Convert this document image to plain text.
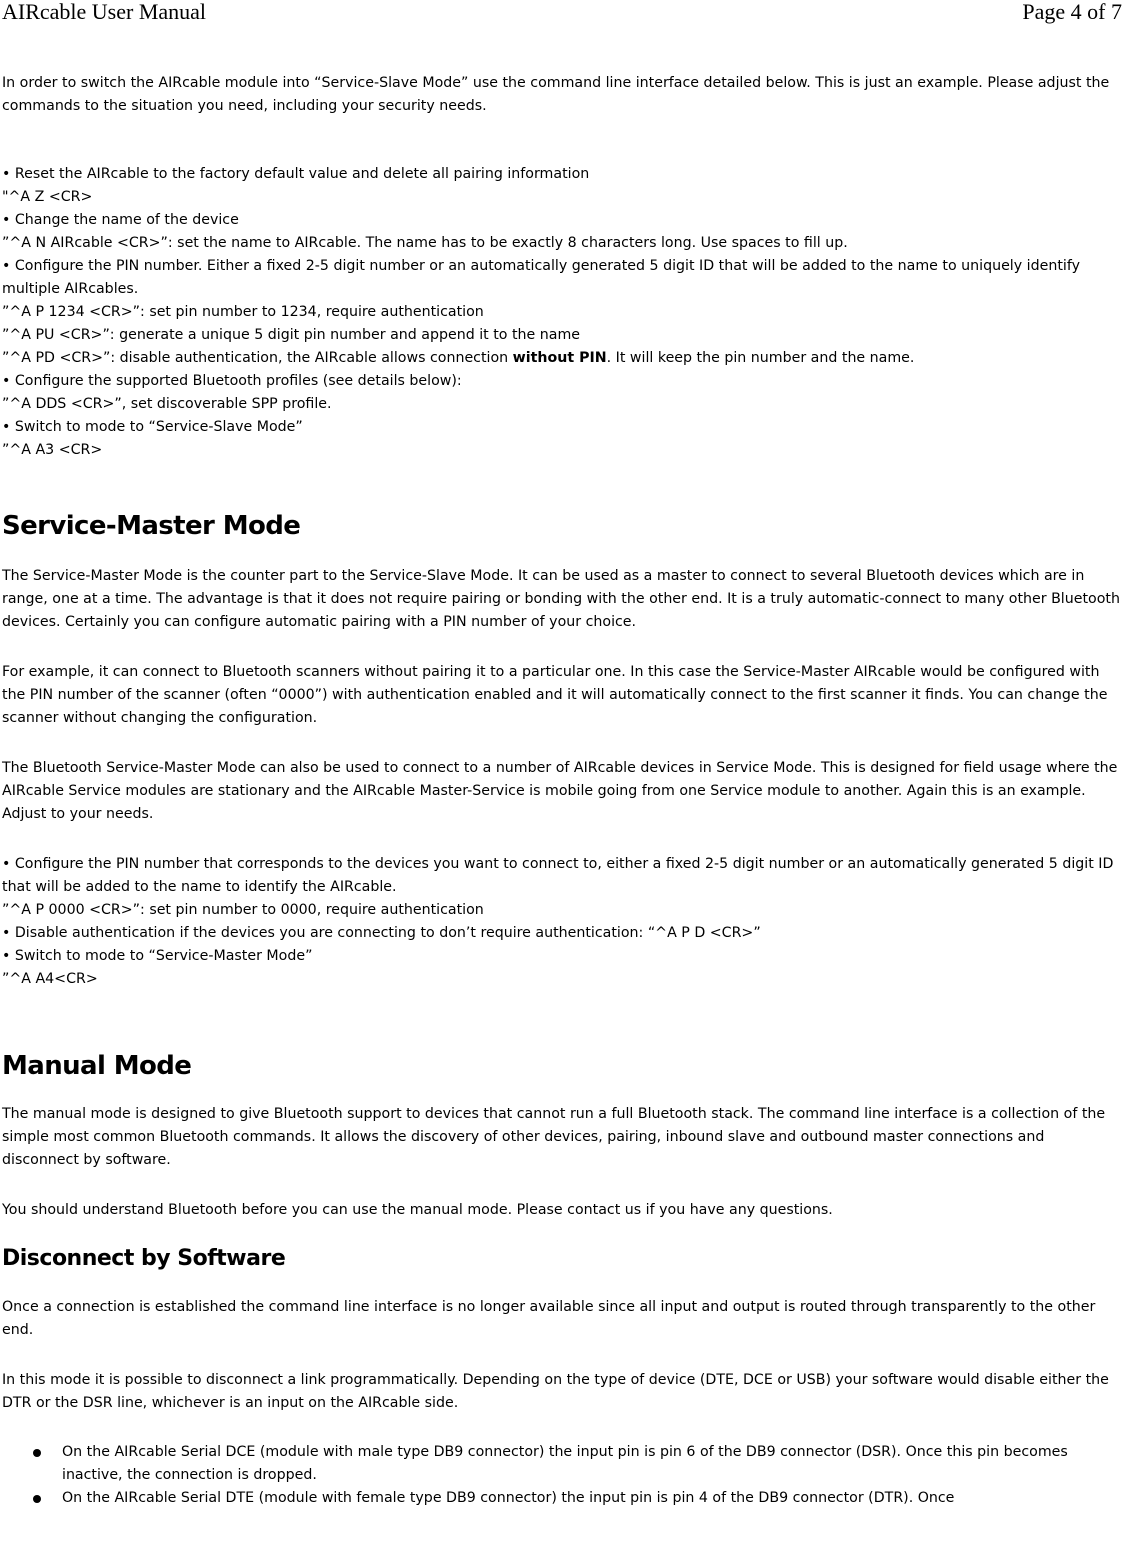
AIRcable User Manual	Page 4 of 7

In order to switch the AIRcable module into “Service-Slave Mode” use the command line interface detailed below. This is just an example. Please adjust the commands to the situation you need, including your security needs.

• Reset the AIRcable to the factory default value and delete all pairing information
"^A Z <CR>
• Change the name of the device
”^A N AIRcable <CR>”: set the name to AIRcable. The name has to be exactly 8 characters long. Use spaces to fill up.
• Configure the PIN number. Either a fixed 2-5 digit number or an automatically generated 5 digit ID that will be added to the name to uniquely identify multiple AIRcables.
”^A P 1234 <CR>”: set pin number to 1234, require authentication
”^A PU <CR>”: generate a unique 5 digit pin number and append it to the name
”^A PD <CR>”: disable authentication, the AIRcable allows connection without PIN. It will keep the pin number and the name.
• Configure the supported Bluetooth profiles (see details below):
”^A DDS <CR>”, set discoverable SPP profile.
• Switch to mode to “Service-Slave Mode”
”^A A3 <CR>
Service-Master Mode

The Service-Master Mode is the counter part to the Service-Slave Mode. It can be used as a master to connect to several Bluetooth devices which are in range, one at a time. The advantage is that it does not require pairing or bonding with the other end. It is a truly automatic-connect to many other Bluetooth devices. Certainly you can configure automatic pairing with a PIN number of your choice.

For example, it can connect to Bluetooth scanners without pairing it to a particular one. In this case the Service-Master AIRcable would be configured with the PIN number of the scanner (often “0000”) with authentication enabled and it will automatically connect to the first scanner it finds. You can change the scanner without changing the configuration.

The Bluetooth Service-Master Mode can also be used to connect to a number of AIRcable devices in Service Mode. This is designed for field usage where the AIRcable Service modules are stationary and the AIRcable Master-Service is mobile going from one Service module to another. Again this is an example. Adjust to your needs.

• Configure the PIN number that corresponds to the devices you want to connect to, either a fixed 2-5 digit number or an automatically generated 5 digit ID that will be added to the name to identify the AIRcable.
”^A P 0000 <CR>”: set pin number to 0000, require authentication
• Disable authentication if the devices you are connecting to don’t require authentication: “^A P D <CR>”
• Switch to mode to “Service-Master Mode”
”^A A4<CR>
Manual Mode

The manual mode is designed to give Bluetooth support to devices that cannot run a full Bluetooth stack. The command line interface is a collection of the simple most common Bluetooth commands. It allows the discovery of other devices, pairing, inbound slave and outbound master connections and disconnect by software.

You should understand Bluetooth before you can use the manual mode. Please contact us if you have any questions.

Disconnect by Software

Once a connection is established the command line interface is no longer available since all input and output is routed through transparently to the other end.

In this mode it is possible to disconnect a link programmatically. Depending on the type of device (DTE, DCE or USB) your software would disable either the DTR or the DSR line, whichever is an input on the AIRcable side.

On the AIRcable Serial DCE (module with male type DB9 connector) the input pin is pin 6 of the DB9 connector (DSR). Once this pin becomes inactive, the connection is dropped.
On the AIRcable Serial DTE (module with female type DB9 connector) the input pin is pin 4 of the DB9 connector (DTR). Once
